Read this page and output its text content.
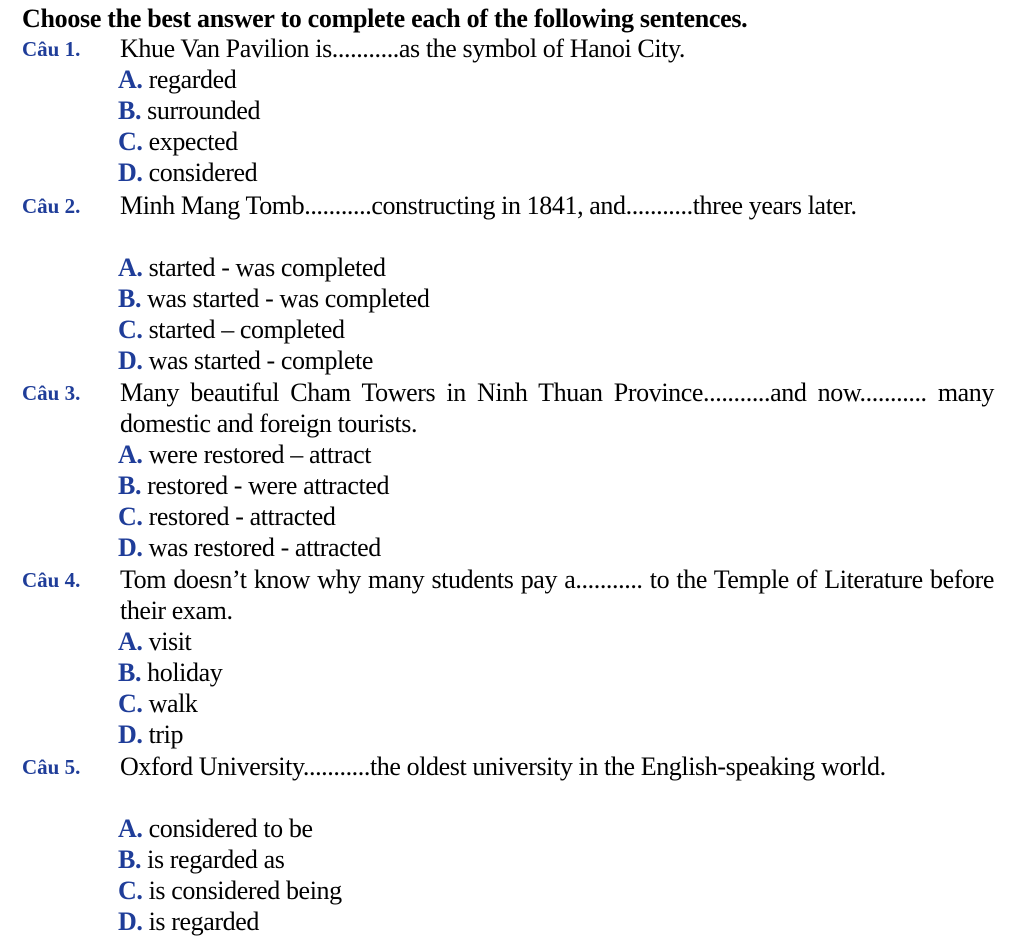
Choose the best answer to complete each of the following sentences.
Câu 1. Khue Van Pavilion is...........as the symbol of Hanoi City.
A. regarded
B. surrounded
C. expected
D. considered
Câu 2. Minh Mang Tomb...........constructing in 1841, and...........three years later.
A. started - was completed
B. was started - was completed
C. started – completed
D. was started - complete
Câu 3. Many beautiful Cham Towers in Ninh Thuan Province...........and now........... many domestic and foreign tourists.
A. were restored – attract
B. restored - were attracted
C. restored - attracted
D. was restored - attracted
Câu 4. Tom doesn’t know why many students pay a........... to the Temple of Literature before their exam.
A. visit
B. holiday
C. walk
D. trip
Câu 5. Oxford University...........the oldest university in the English-speaking world.
A. considered to be
B. is regarded as
C. is considered being
D. is regarded
